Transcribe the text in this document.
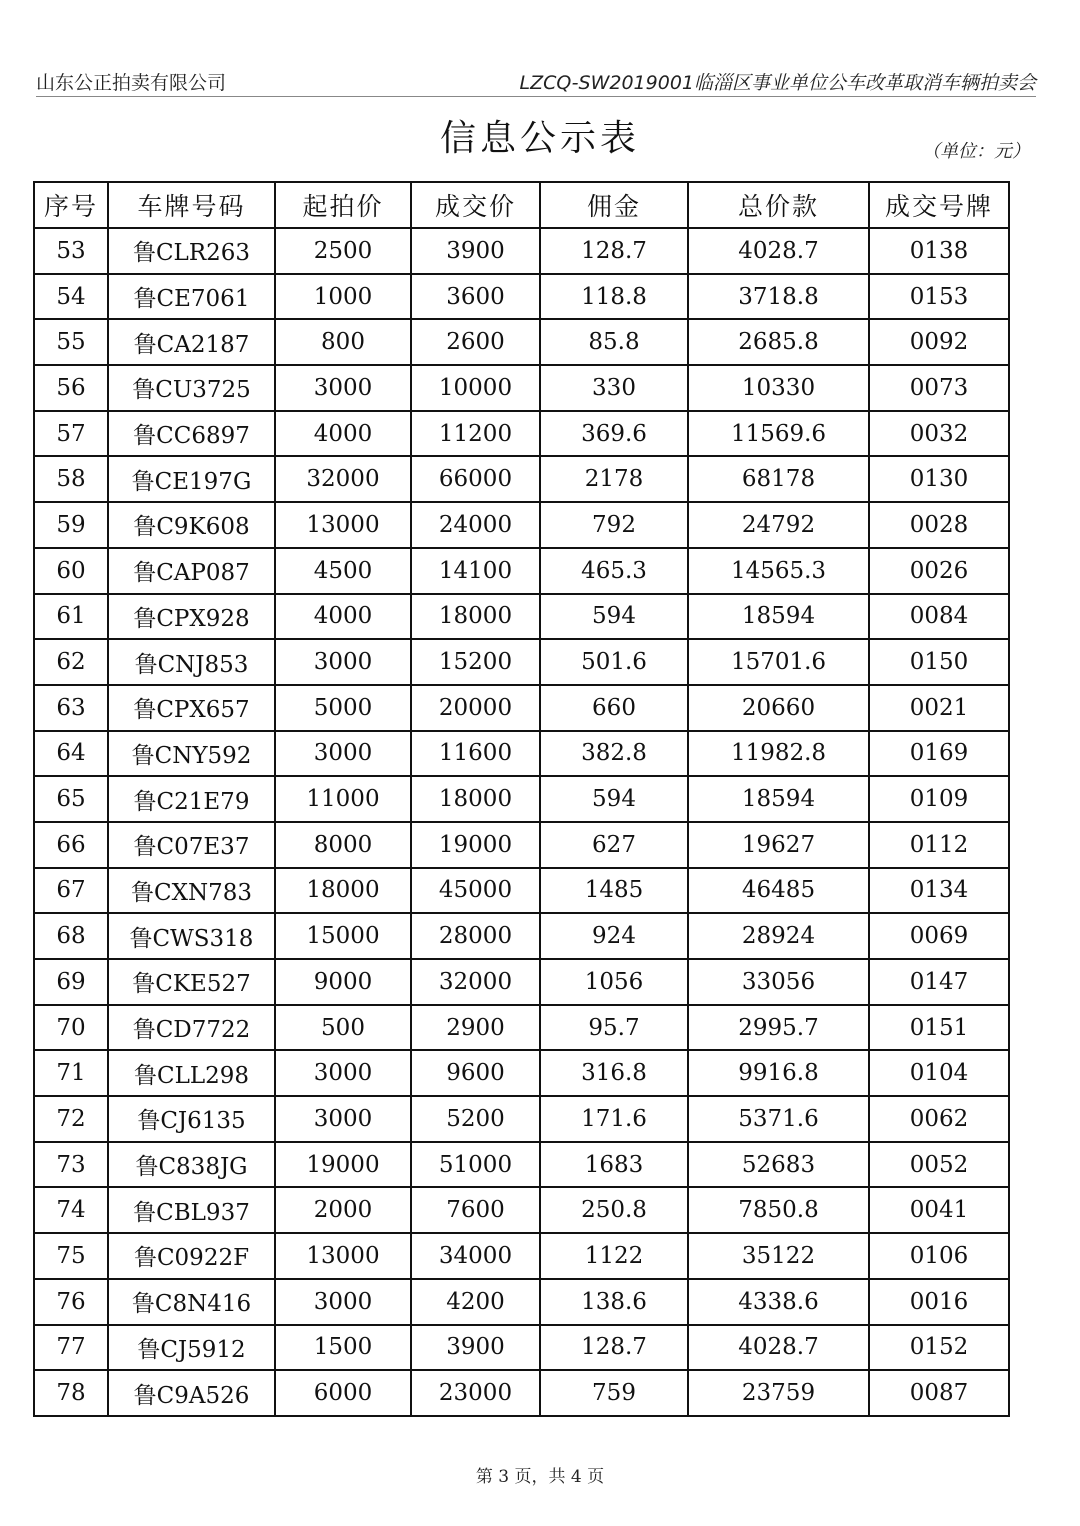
山东公正拍卖有限公司	LZCQ-SW2019001临淄区事业单位公车改革取消车辆拍卖会
信息公示表	（单位：元）
序号	车牌号码	起拍价	成交价	佣金	总价款	成交号牌
53	鲁CLR263	2500	3900	128.7	4028.7	0138
54	鲁CE7061	1000	3600	118.8	3718.8	0153
55	鲁CA2187	800	2600	85.8	2685.8	0092
56	鲁CU3725	3000	10000	330	10330	0073
57	鲁CC6897	4000	11200	369.6	11569.6	0032
58	鲁CE197G	32000	66000	2178	68178	0130
59	鲁C9K608	13000	24000	792	24792	0028
60	鲁CAP087	4500	14100	465.3	14565.3	0026
61	鲁CPX928	4000	18000	594	18594	0084
62	鲁CNJ853	3000	15200	501.6	15701.6	0150
63	鲁CPX657	5000	20000	660	20660	0021
64	鲁CNY592	3000	11600	382.8	11982.8	0169
65	鲁C21E79	11000	18000	594	18594	0109
66	鲁C07E37	8000	19000	627	19627	0112
67	鲁CXN783	18000	45000	1485	46485	0134
68	鲁CWS318	15000	28000	924	28924	0069
69	鲁CKE527	9000	32000	1056	33056	0147
70	鲁CD7722	500	2900	95.7	2995.7	0151
71	鲁CLL298	3000	9600	316.8	9916.8	0104
72	鲁CJ6135	3000	5200	171.6	5371.6	0062
73	鲁C838JG	19000	51000	1683	52683	0052
74	鲁CBL937	2000	7600	250.8	7850.8	0041
75	鲁C0922F	13000	34000	1122	35122	0106
76	鲁C8N416	3000	4200	138.6	4338.6	0016
77	鲁CJ5912	1500	3900	128.7	4028.7	0152
78	鲁C9A526	6000	23000	759	23759	0087
第 3 页，共 4 页
